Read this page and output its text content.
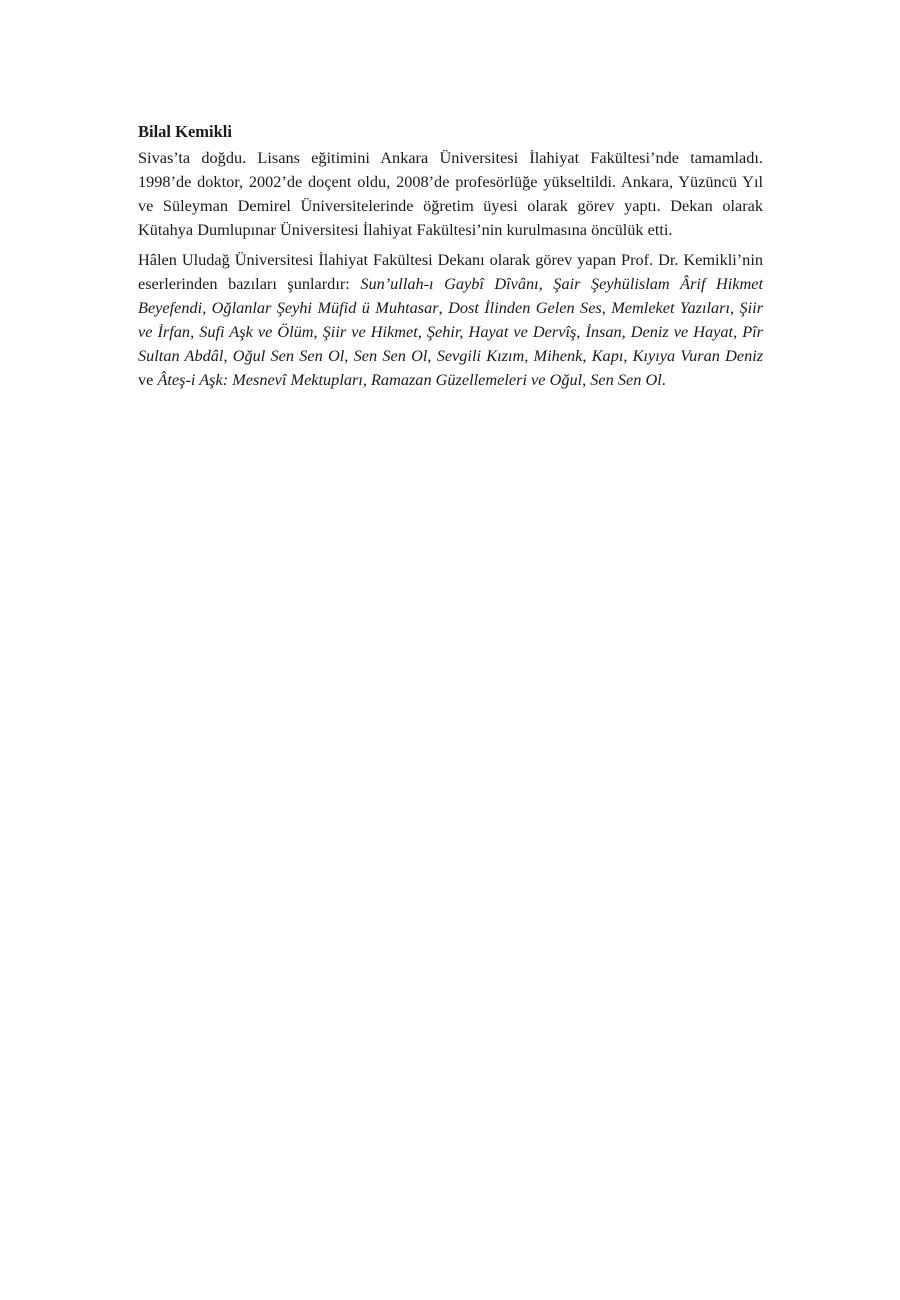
Bilal Kemikli

Sivas’ta doğdu. Lisans eğitimini Ankara Üniversitesi İlahiyat Fakültesi’nde tamamladı. 1998’de doktor, 2002’de doçent oldu, 2008’de profesörlüğe yükseltildi. Ankara, Yüzüncü Yıl ve Süleyman Demirel Üniversitelerinde öğretim üyesi olarak görev yaptı. Dekan olarak Kütahya Dumlupınar Üniversitesi İlahiyat Fakültesi’nin kurulmasına öncülük etti.

Hâlen Uludağ Üniversitesi İlahiyat Fakültesi Dekanı olarak görev yapan Prof. Dr. Kemikli’nin eserlerinden bazıları şunlardır: Sun’ullah-ı Gaybî Dîvânı, Şair Şeyhülislam Ârif Hikmet Beyefendi, Oğlanlar Şeyhi Müfid ü Muhtasar, Dost İlinden Gelen Ses, Memleket Yazıları, Şiir ve İrfan, Sufi Aşk ve Ölüm, Şiir ve Hikmet, Şehir, Hayat ve Dervîş, İnsan, Deniz ve Hayat, Pîr Sultan Abdâl, Oğul Sen Sen Ol, Sen Sen Ol, Sevgili Kızım, Mihenk, Kapı, Kıyıya Vuran Deniz ve Âteş-i Aşk: Mesnevî Mektupları, Ramazan Güzellemeleri ve Oğul, Sen Sen Ol.
